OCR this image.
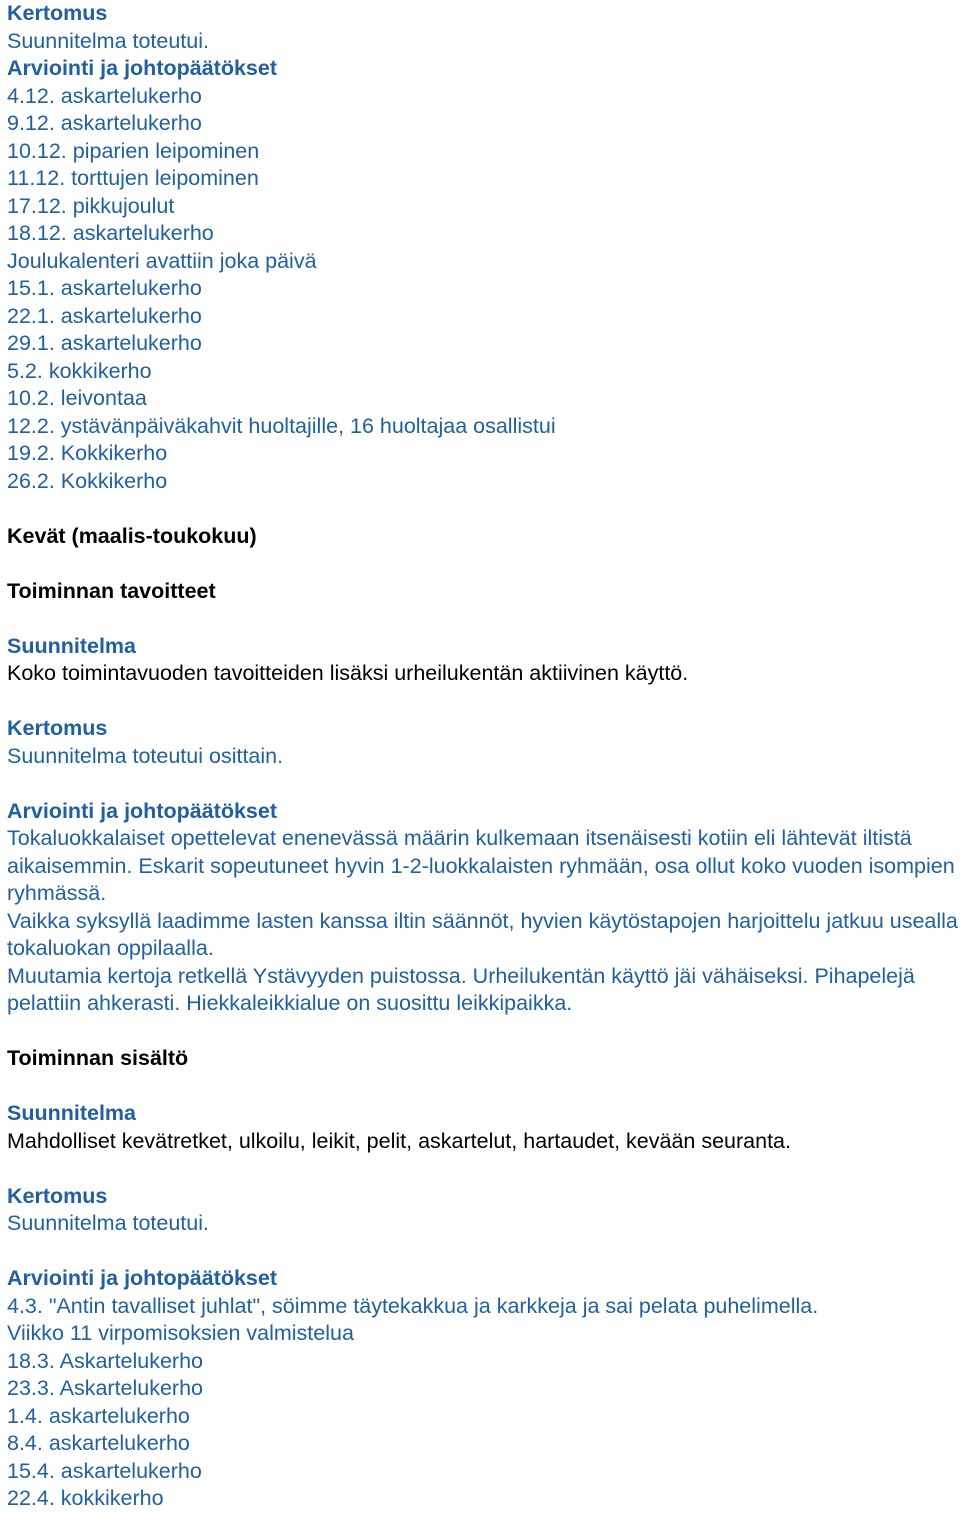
Kertomus
Suunnitelma toteutui.
Arviointi ja johtopäätökset
4.12. askartelukerho
9.12. askartelukerho
10.12. piparien leipominen
11.12. torttujen leipominen
17.12. pikkujoulut
18.12. askartelukerho
Joulukalenteri avattiin joka päivä
15.1. askartelukerho
22.1. askartelukerho
29.1. askartelukerho
5.2. kokkikerho
10.2. leivontaa
12.2. ystävänpäiväkahvit huoltajille, 16 huoltajaa osallistui
19.2. Kokkikerho
26.2. Kokkikerho
Kevät (maalis-toukokuu)
Toiminnan tavoitteet
Suunnitelma
Koko toimintavuoden tavoitteiden lisäksi urheilukentän aktiivinen käyttö.
Kertomus
Suunnitelma toteutui osittain.
Arviointi ja johtopäätökset
Tokaluokkalaiset opettelevat enenevässä määrin kulkemaan itsenäisesti kotiin eli lähtevät iltistä aikaisemmin. Eskarit sopeutuneet hyvin 1-2-luokkalaisten ryhmään, osa ollut koko vuoden isompien ryhmässä.
Vaikka syksyllä laadimme lasten kanssa iltin säännöt, hyvien käytöstapojen harjoittelu jatkuu usealla tokaluokan oppilaalla.
Muutamia kertoja retkellä Ystävyyden puistossa. Urheilukentän käyttö jäi vähäiseksi. Pihapelejä pelattiin ahkerasti. Hiekkaleikkialue on suosittu leikkipaikka.
Toiminnan sisältö
Suunnitelma
Mahdolliset kevätretket, ulkoilu, leikit, pelit, askartelut, hartaudet, kevään seuranta.
Kertomus
Suunnitelma toteutui.
Arviointi ja johtopäätökset
4.3. "Antin tavalliset juhlat", söimme täytekakkua ja karkkeja ja sai pelata puhelimella.
Viikko 11 virpomisoksien valmistelua
18.3. Askartelukerho
23.3. Askartelukerho
1.4. askartelukerho
8.4. askartelukerho
15.4. askartelukerho
22.4. kokkikerho
